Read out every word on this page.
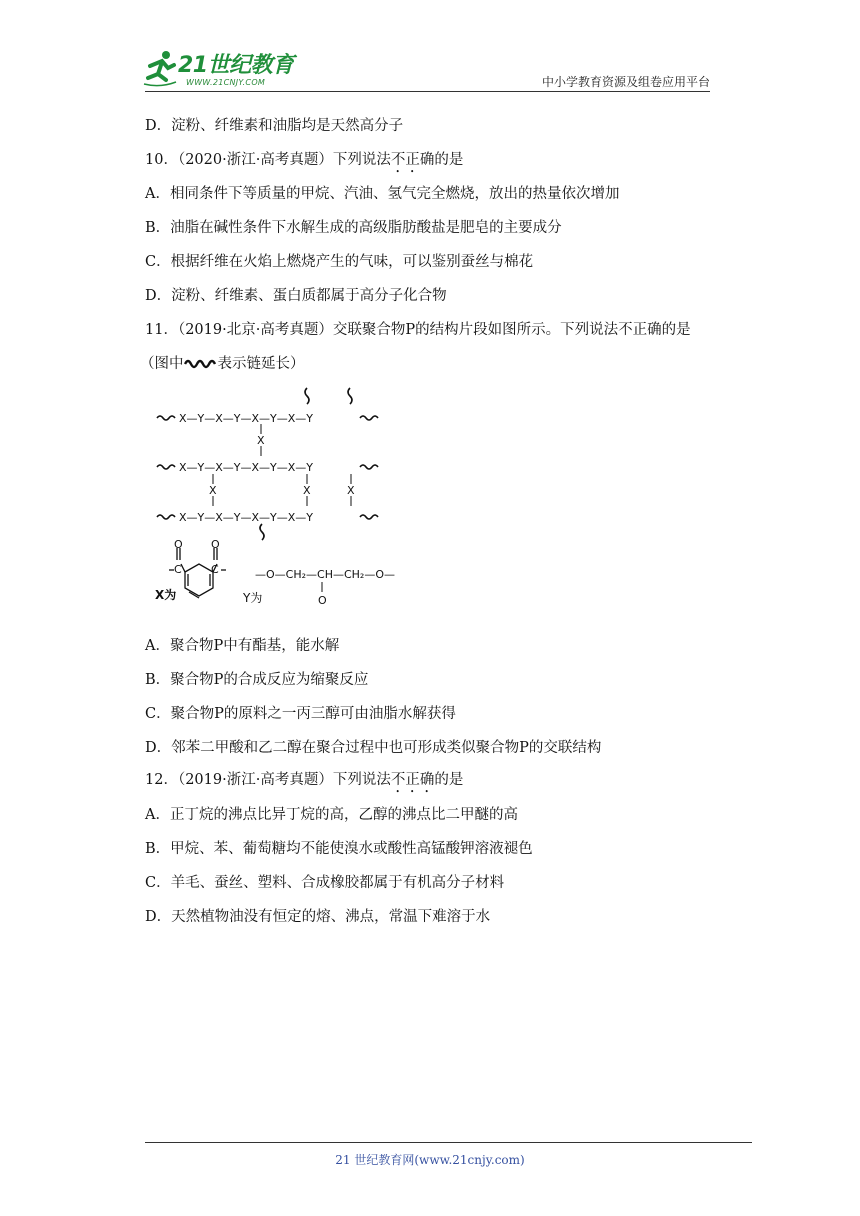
21世纪教育
WWW.21CNJY.COM	中小学教育资源及组卷应用平台
D．淀粉、纤维素和油脂均是天然高分子
10．（2020·浙江·高考真题）下列说法不正确的是
A．相同条件下等质量的甲烷、汽油、氢气完全燃烧，放出的热量依次增加
B．油脂在碱性条件下水解生成的高级脂肪酸盐是肥皂的主要成分
C．根据纤维在火焰上燃烧产生的气味，可以鉴别蚕丝与棉花
D．淀粉、纤维素、蛋白质都属于高分子化合物
11．（2019·北京·高考真题）交联聚合物P的结构片段如图所示。下列说法不正确的是
（图中 表示链延长）
X—Y—X—Y—X—Y—X—Y
X—Y—X—Y—X—Y—X—Y
X—Y—X—Y—X—Y—X—Y
X
X	X	X
X为
C	C
O	O
Y为
—O—CH₂—CH—CH₂—O—
O
A．聚合物P中有酯基，能水解
B．聚合物P的合成反应为缩聚反应
C．聚合物P的原料之一丙三醇可由油脂水解获得
D．邻苯二甲酸和乙二醇在聚合过程中也可形成类似聚合物P的交联结构
12．（2019·浙江·高考真题）下列说法不正确的是
A．正丁烷的沸点比异丁烷的高，乙醇的沸点比二甲醚的高
B．甲烷、苯、葡萄糖均不能使溴水或酸性高锰酸钾溶液褪色
C．羊毛、蚕丝、塑料、合成橡胶都属于有机高分子材料
D．天然植物油没有恒定的熔、沸点，常温下难溶于水
21 世纪教育网(www.21cnjy.com)
